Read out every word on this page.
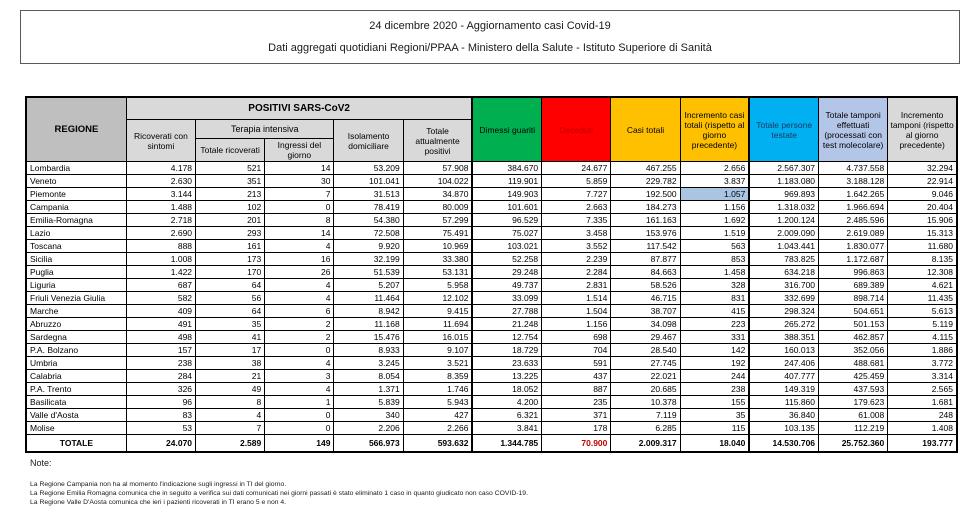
24 dicembre 2020 - Aggiornamento casi Covid-19
Dati aggregati quotidiani Regioni/PPAA - Ministero della Salute - Istituto Superiore di Sanità
REGIONE	POSITIVI SARS-CoV2					Dimessi guariti	Deceduti	Casi totali	Incremento casi totali (rispetto al giorno precedente)	Totale persone testate	Totale tamponi effettuati (processati con test molecolare)	Incremento tamponi (rispetto al giorno precedente)
	Ricoverati con sintomi	Terapia intensiva		Isolamento domiciliare	Totale attualmente positivi							
		Totale ricoverati	Ingressi del giorno									
Lombardia	4.178	521	14	53.209	57.908	384.670	24.677	467.255	2.656	2.567.307	4.737.558	32.294
Veneto	2.630	351	30	101.041	104.022	119.901	5.859	229.782	3.837	1.183.080	3.188.128	22.914
Piemonte	3.144	213	7	31.513	34.870	149.903	7.727	192.500	1.057	969.893	1.642.265	9.046
Campania	1.488	102	0	78.419	80.009	101.601	2.663	184.273	1.156	1.318.032	1.966.694	20.404
Emilia-Romagna	2.718	201	8	54.380	57.299	96.529	7.335	161.163	1.692	1.200.124	2.485.596	15.906
Lazio	2.690	293	14	72.508	75.491	75.027	3.458	153.976	1.519	2.009.090	2.619.089	15.313
Toscana	888	161	4	9.920	10.969	103.021	3.552	117.542	563	1.043.441	1.830.077	11.680
Sicilia	1.008	173	16	32.199	33.380	52.258	2.239	87.877	853	783.825	1.172.687	8.135
Puglia	1.422	170	26	51.539	53.131	29.248	2.284	84.663	1.458	634.218	996.863	12.308
Liguria	687	64	4	5.207	5.958	49.737	2.831	58.526	328	316.700	689.389	4.621
Friuli Venezia Giulia	582	56	4	11.464	12.102	33.099	1.514	46.715	831	332.699	898.714	11.435
Marche	409	64	6	8.942	9.415	27.788	1.504	38.707	415	298.324	504.651	5.613
Abruzzo	491	35	2	11.168	11.694	21.248	1.156	34.098	223	265.272	501.153	5.119
Sardegna	498	41	2	15.476	16.015	12.754	698	29.467	331	388.351	462.857	4.115
P.A. Bolzano	157	17	0	8.933	9.107	18.729	704	28.540	142	160.013	352.056	1.886
Umbria	238	38	4	3.245	3.521	23.633	591	27.745	192	247.406	488.681	3.772
Calabria	284	21	3	8.054	8.359	13.225	437	22.021	244	407.777	425.459	3.314
P.A. Trento	326	49	4	1.371	1.746	18.052	887	20.685	238	149.319	437.593	2.565
Basilicata	96	8	1	5.839	5.943	4.200	235	10.378	155	115.860	179.623	1.681
Valle d'Aosta	83	4	0	340	427	6.321	371	7.119	35	36.840	61.008	248
Molise	53	7	0	2.206	2.266	3.841	178	6.285	115	103.135	112.219	1.408
TOTALE	24.070	2.589	149	566.973	593.632	1.344.785	70.900	2.009.317	18.040	14.530.706	25.752.360	193.777
Note:
La Regione Campania non ha al momento l'indicazione sugli ingressi in TI del giorno.
La Regione Emilia Romagna comunica che in seguito a verifica sui dati comunicati nei giorni passati è stato eliminato 1 caso in quanto giudicato non caso COVID-19.
La Regione Valle D'Aosta comunica che ieri i pazienti ricoverati in TI erano 5 e non 4.
